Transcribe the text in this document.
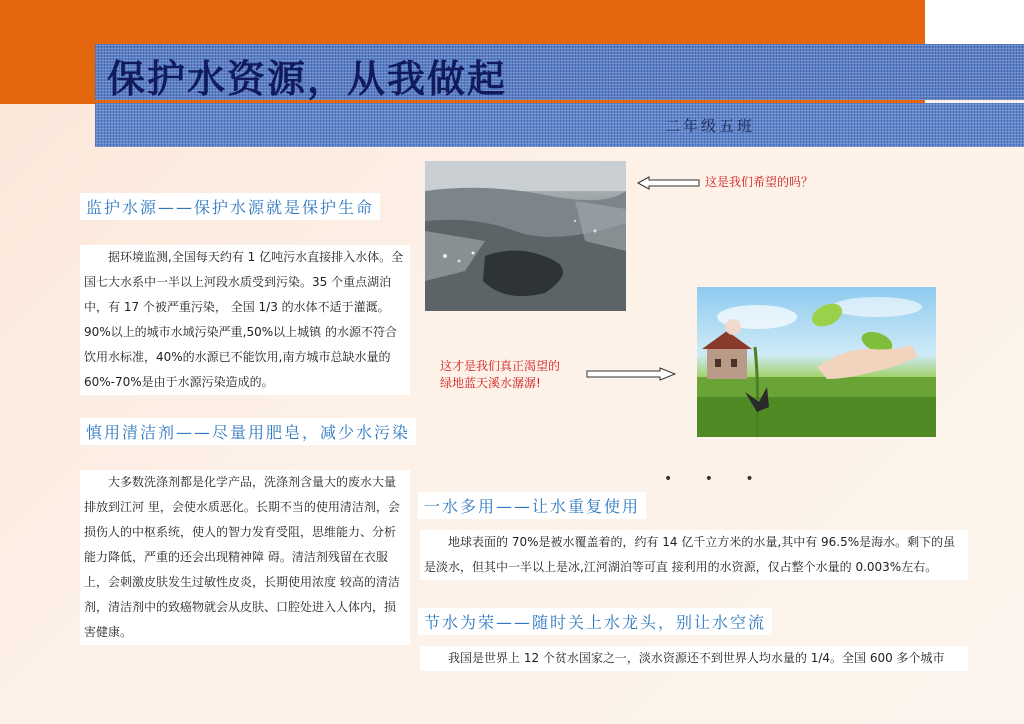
保护水资源，从我做起
二年级五班
监护水源——保护水源就是保护生命

据环境监测,全国每天约有 1 亿吨污水直接排入水体。全国七大水系中一半以上河段水质受到污染。35 个重点湖泊中，有 17 个被严重污染， 全国 1/3 的水体不适于灌溉。90%以上的城市水域污染严重,50%以上城镇 的水源不符合饮用水标准，40%的水源已不能饮用,南方城市总缺水量的60%-70%是由于水源污染造成的。

慎用清洁剂——尽量用肥皂，减少水污染

大多数洗涤剂都是化学产品，洗涤剂含量大的废水大量排放到江河 里，会使水质恶化。长期不当的使用清洁剂，会损伤人的中枢系统，使人的智力发育受阻，思维能力、分析能力降低，严重的还会出现精神障 碍。清洁剂残留在衣服上，会刺激皮肤发生过敏性皮炎，长期使用浓度 较高的清洁剂，清洁剂中的致癌物就会从皮肤、口腔处进入人体内，损害健康。

这是我们希望的吗？

这才是我们真正渴望的

绿地蓝天溪水潺潺!

• • •
一水多用——让水重复使用

地球表面的 70%是被水覆盖着的，约有 14 亿千立方米的水量,其中有 96.5%是海水。剩下的虽是淡水，但其中一半以上是冰,江河湖泊等可直 接利用的水资源，仅占整个水量的 0.003%左右。

节水为荣——随时关上水龙头，别让水空流

我国是世界上 12 个贫水国家之一，淡水资源还不到世界人均水量的 1/4。全国 600 多个城市
